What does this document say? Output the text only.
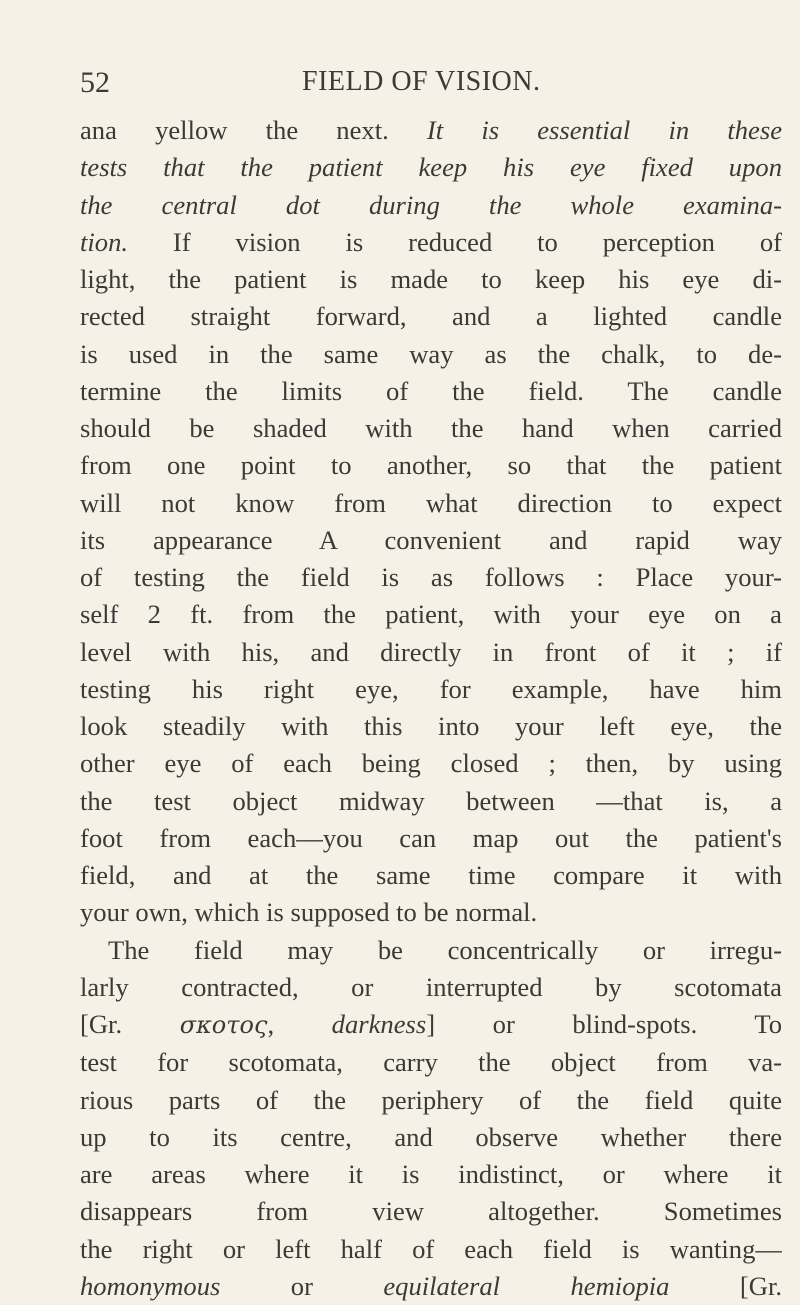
52	FIELD OF VISION.
ana yellow the next. It is essential in these
tests that the patient keep his eye fixed upon
the central dot during the whole examina-
tion. If vision is reduced to perception of
light, the patient is made to keep his eye di-
rected straight forward, and a lighted candle
is used in the same way as the chalk, to de-
termine the limits of the field. The candle
should be shaded with the hand when carried
from one point to another, so that the patient
will not know from what direction to expect
its appearance A convenient and rapid way
of testing the field is as follows : Place your-
self 2 ft. from the patient, with your eye on a
level with his, and directly in front of it ; if
testing his right eye, for example, have him
look steadily with this into your left eye, the
other eye of each being closed ; then, by using
the test object midway between —that is, a
foot from each—you can map out the patient's
field, and at the same time compare it with
your own, which is supposed to be normal.
The field may be concentrically or irregu-
larly contracted, or interrupted by scotomata
[Gr. σκοτος, darkness] or blind-spots. To
test for scotomata, carry the object from va-
rious parts of the periphery of the field quite
up to its centre, and observe whether there
are areas where it is indistinct, or where it
disappears from view altogether. Sometimes
the right or left half of each field is wanting—
homonymous or equilateral hemiopia [Gr.
